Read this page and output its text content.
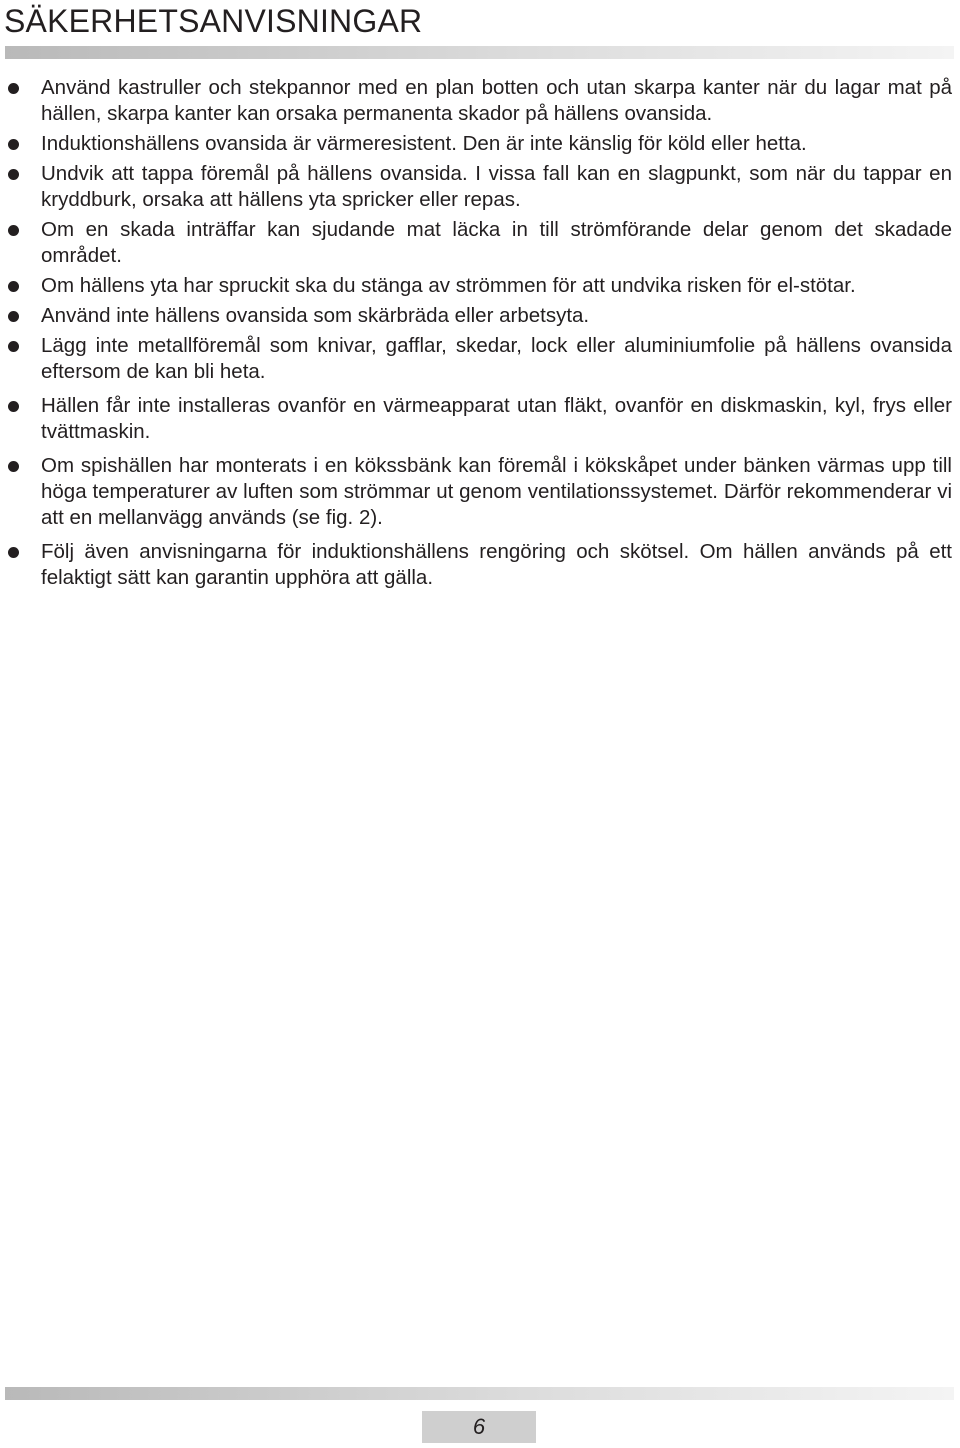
SÄKERHETSANVISNINGAR
Använd kastruller och stekpannor med en plan botten och utan skarpa kanter när du lagar mat på hällen, skarpa kanter kan orsaka permanenta skador på hällens ovansida.
Induktionshällens ovansida är värmeresistent. Den är inte känslig för köld eller hetta.
Undvik att tappa föremål på hällens ovansida. I vissa fall kan en slagpunkt, som när du tappar en kryddburk, orsaka att hällens yta spricker eller repas.
Om en skada inträffar kan sjudande mat läcka in till strömförande delar genom det skadade området.
Om hällens yta har spruckit ska du stänga av strömmen för att undvika risken för el-stötar.
Använd inte hällens ovansida som skärbräda eller arbetsyta.
Lägg inte metallföremål som knivar, gafflar, skedar, lock eller aluminiumfolie på hällens ovansida eftersom de kan bli heta.
Hällen får inte installeras ovanför en värmeapparat utan fläkt, ovanför en diskmaskin, kyl, frys eller tvättmaskin.
Om spishällen har monterats i en kökssbänk kan föremål i kökskåpet under bänken värmas upp till höga temperaturer av luften som strömmar ut genom ventilationssystemet. Därför rekommenderar vi att en mellanvägg används (se fig. 2).
Följ även anvisningarna för induktionshällens rengöring och skötsel. Om hällen används på ett felaktigt sätt kan garantin upphöra att gälla.
6
